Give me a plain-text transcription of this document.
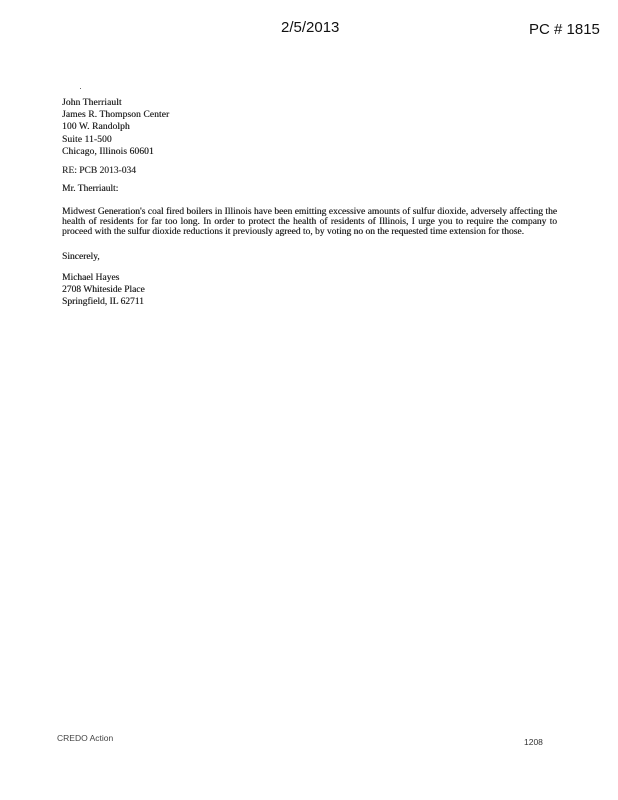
2/5/2013	PC # 1815
John Therriault
James R. Thompson Center
100 W. Randolph
Suite 11-500
Chicago, Illinois 60601
RE: PCB 2013-034
Mr. Therriault:
Midwest Generation's coal fired boilers in Illinois have been emitting excessive amounts of sulfur dioxide, adversely affecting the health of residents for far too long. In order to protect the health of residents of Illinois, I urge you to require the company to proceed with the sulfur dioxide reductions it previously agreed to, by voting no on the requested time extension for those.
Sincerely,
Michael Hayes
2708 Whiteside Place
Springfield, IL 62711
CREDO Action	1208
